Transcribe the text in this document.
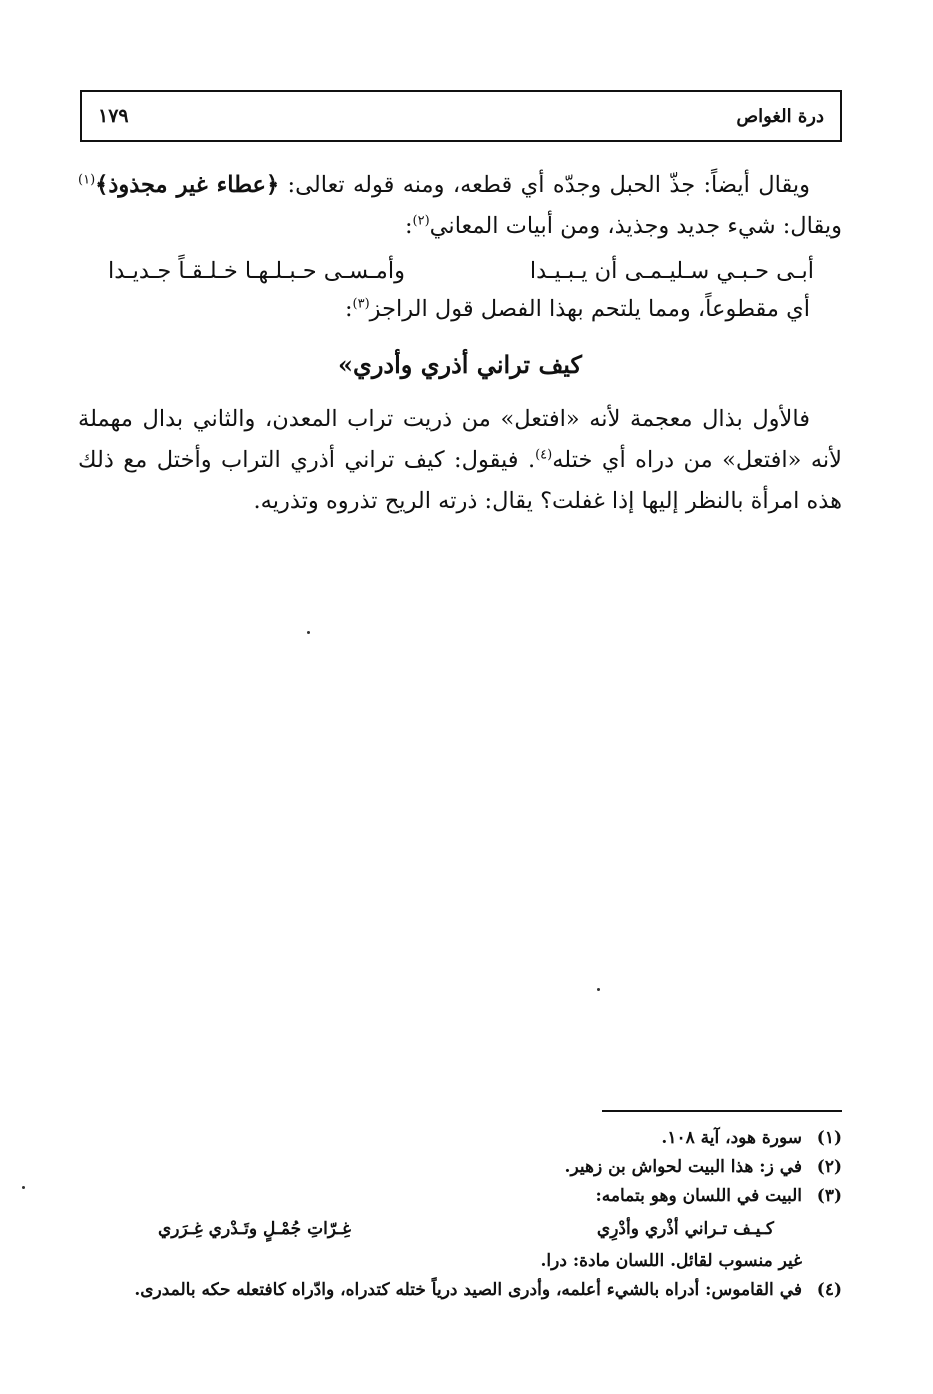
درة الغواص
١٧٩

ويقال أيضاً: جذّ الحبل وجدّه أي قطعه، ومنه قوله تعالى: ﴿عطاء غير مجذوذ﴾$^{(١)}$ ويقال: شيء جديد وجذيذ، ومن أبيات المعاني$^{(٢)}$:

أبـى حـبـي سـليـمـى أن يـبـيـدا
وأمـسـى حـبـلـهـا خـلـقـاً جـديـدا

أي مقطوعاً، ومما يلتحم بهذا الفصل قول الراجز$^{(٣)}$:

كيف تراني أذري وأدري»

فالأول بذال معجمة لأنه «افتعل» من ذريت تراب المعدن، والثاني بدال مهملة لأنه «افتعل» من دراه أي ختله$^{(٤)}$. فيقول: كيف تراني أذري التراب وأختل مع ذلك هذه امرأة بالنظر إليها إذا غفلت؟ يقال: ذرته الريح تذروه وتذريه.

(١)
سورة هود، آية ١٠٨.
(٢)
في ز: هذا البيت لحواش بن زهير.
(٣)
البيت في اللسان وهو بتمامه:
كـيـف تـراني أذْري وأدْرِي
غِـرّاتِ جُمْـلٍ وتَـدْري غِـرَري
غير منسوب لقائل. اللسان مادة: درا.
(٤)
في القاموس: أدراه بالشيء أعلمه، وأدرى الصيد درياً ختله كتدراه، وادّراه كافتعله حكه بالمدرى.
